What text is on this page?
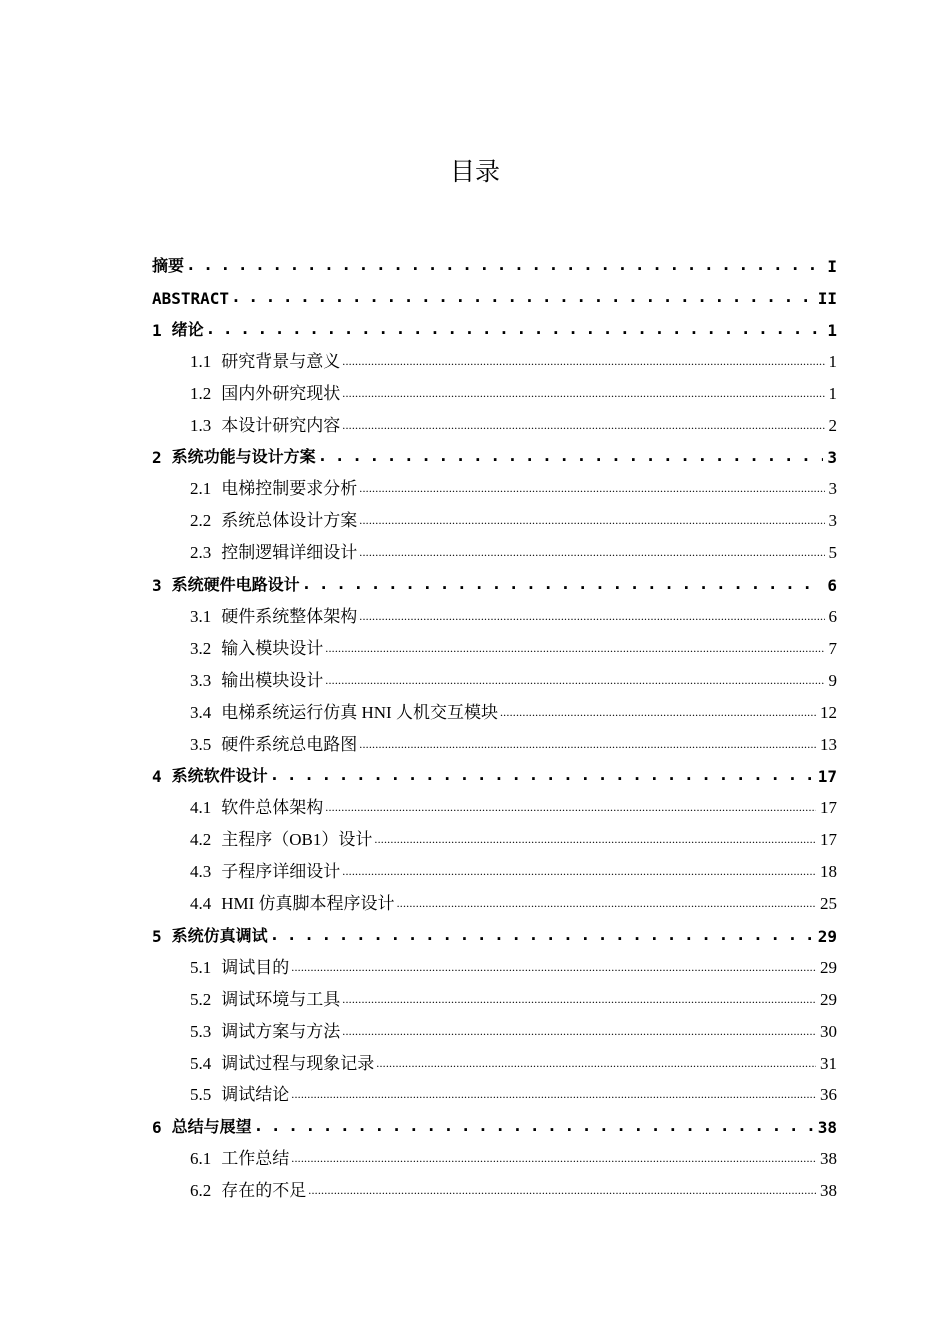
目录
摘要 . . .	I
ABSTRACT . . .	II
1 绪论 . . .	1
1.1 研究背景与意义 .....	1
1.2 国内外研究现状 .....	1
1.3 本设计研究内容 .....	2
2 系统功能与设计方案 . . .	3
2.1 电梯控制要求分析 .....	3
2.2 系统总体设计方案 .....	3
2.3 控制逻辑详细设计 .....	5
3 系统硬件电路设计 . . .	6
3.1 硬件系统整体架构 .....	6
3.2 输入模块设计 .....	7
3.3 输出模块设计 .....	9
3.4 电梯系统运行仿真 HNI 人机交互模块 .....	12
3.5 硬件系统总电路图 .....	13
4 系统软件设计 . . .	17
4.1 软件总体架构 .....	17
4.2 主程序（OB1）设计 .....	17
4.3 子程序详细设计 .....	18
4.4 HMI 仿真脚本程序设计 .....	25
5 系统仿真调试 . . .	29
5.1 调试目的 .....	29
5.2 调试环境与工具 .....	29
5.3 调试方案与方法 .....	30
5.4 调试过程与现象记录 .....	31
5.5 调试结论 .....	36
6 总结与展望 . . .	38
6.1 工作总结 .....	38
6.2 存在的不足 .....	38
